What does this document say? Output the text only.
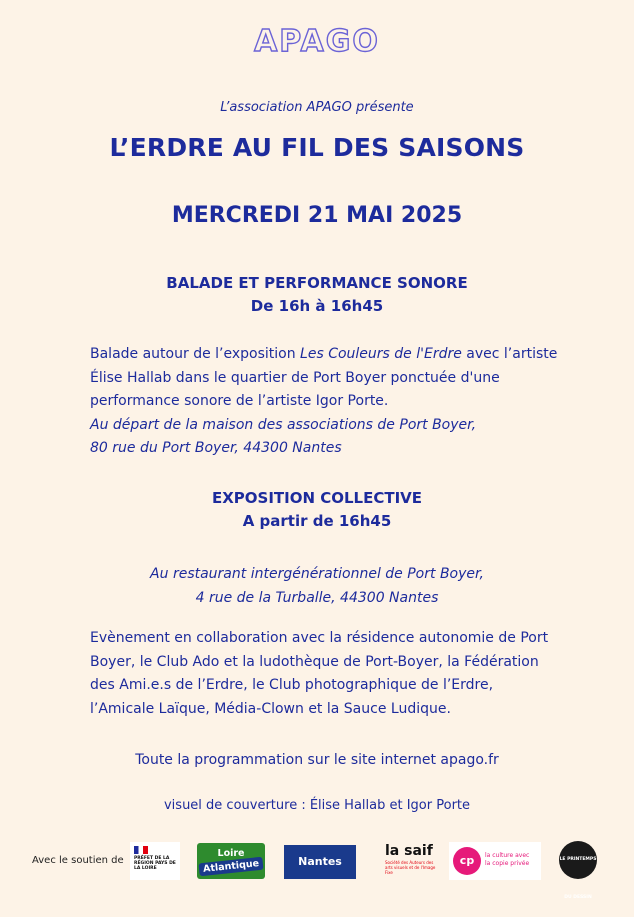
APAGO
L’association APAGO présente
L’ERDRE AU FIL DES SAISONS
MERCREDI 21 MAI 2025
BALADE ET PERFORMANCE SONORE
De 16h à 16h45
Balade autour de l’exposition Les Couleurs de l'Erdre avec l’artiste Élise Hallab dans le quartier de Port Boyer ponctuée d'une performance sonore de l’artiste Igor Porte.
Au départ de la maison des associations de Port Boyer,
80 rue du Port Boyer, 44300 Nantes
EXPOSITION COLLECTIVE
A partir de 16h45
Au restaurant intergénérationnel de Port Boyer,
4 rue de la Turballe, 44300 Nantes
Evènement en collaboration avec la résidence autonomie de Port Boyer, le Club Ado et la ludothèque de Port-Boyer, la Fédération des Ami.e.s de l’Erdre, le Club photographique de l’Erdre, l’Amicale Laïque, Média-Clown et la Sauce Ludique.
Toute la programmation sur le site internet apago.fr
visuel de couverture : Élise Hallab et Igor Porte
Avec le soutien de PRÉFET DE LA RÉGION PAYS DE LA LOIRE
Loire
Atlantique	Nantes
la saif
Société des Auteurs des arts visuels et de l'Image Fixe
cp	la culture avec
la copie privée
LE PRINTEMPS DU DESSIN
